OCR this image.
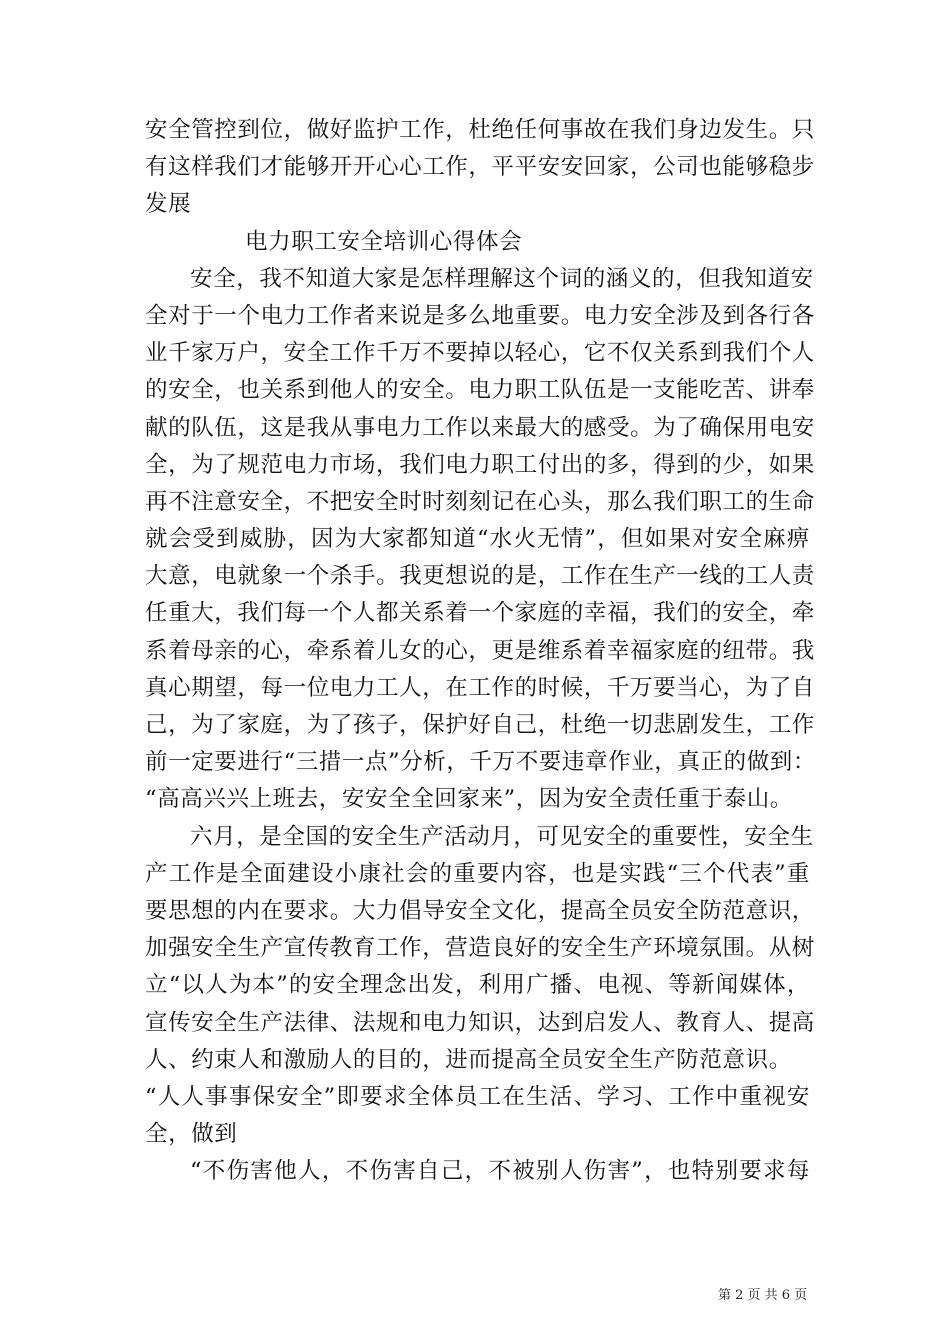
安全管控到位，做好监护工作，杜绝任何事故在我们身边发生。只
有这样我们才能够开开心心工作，平平安安回家，公司也能够稳步
发展
电力职工安全培训心得体会
安全，我不知道大家是怎样理解这个词的涵义的，但我知道安
全对于一个电力工作者来说是多么地重要。电力安全涉及到各行各
业千家万户，安全工作千万不要掉以轻心，它不仅关系到我们个人
的安全，也关系到他人的安全。电力职工队伍是一支能吃苦、讲奉
献的队伍，这是我从事电力工作以来最大的感受。为了确保用电安
全，为了规范电力市场，我们电力职工付出的多，得到的少，如果
再不注意安全，不把安全时时刻刻记在心头，那么我们职工的生命
就会受到威胁，因为大家都知道“水火无情”，但如果对安全麻痹
大意，电就象一个杀手。我更想说的是，工作在生产一线的工人责
任重大，我们每一个人都关系着一个家庭的幸福，我们的安全，牵
系着母亲的心，牵系着儿女的心，更是维系着幸福家庭的纽带。我
真心期望，每一位电力工人，在工作的时候，千万要当心，为了自
己，为了家庭，为了孩子，保护好自己，杜绝一切悲剧发生，工作
前一定要进行“三措一点”分析，千万不要违章作业，真正的做到：
“高高兴兴上班去，安安全全回家来”，因为安全责任重于泰山。
六月，是全国的安全生产活动月，可见安全的重要性，安全生
产工作是全面建设小康社会的重要内容，也是实践“三个代表”重
要思想的内在要求。大力倡导安全文化，提高全员安全防范意识，
加强安全生产宣传教育工作，营造良好的安全生产环境氛围。从树
立“以人为本”的安全理念出发，利用广播、电视、等新闻媒体，
宣传安全生产法律、法规和电力知识，达到启发人、教育人、提高
人、约束人和激励人的目的，进而提高全员安全生产防范意识。
“人人事事保安全”即要求全体员工在生活、学习、工作中重视安
全，做到
“不伤害他人，不伤害自己，不被别人伤害”，也特别要求每
第 2 页 共 6 页
